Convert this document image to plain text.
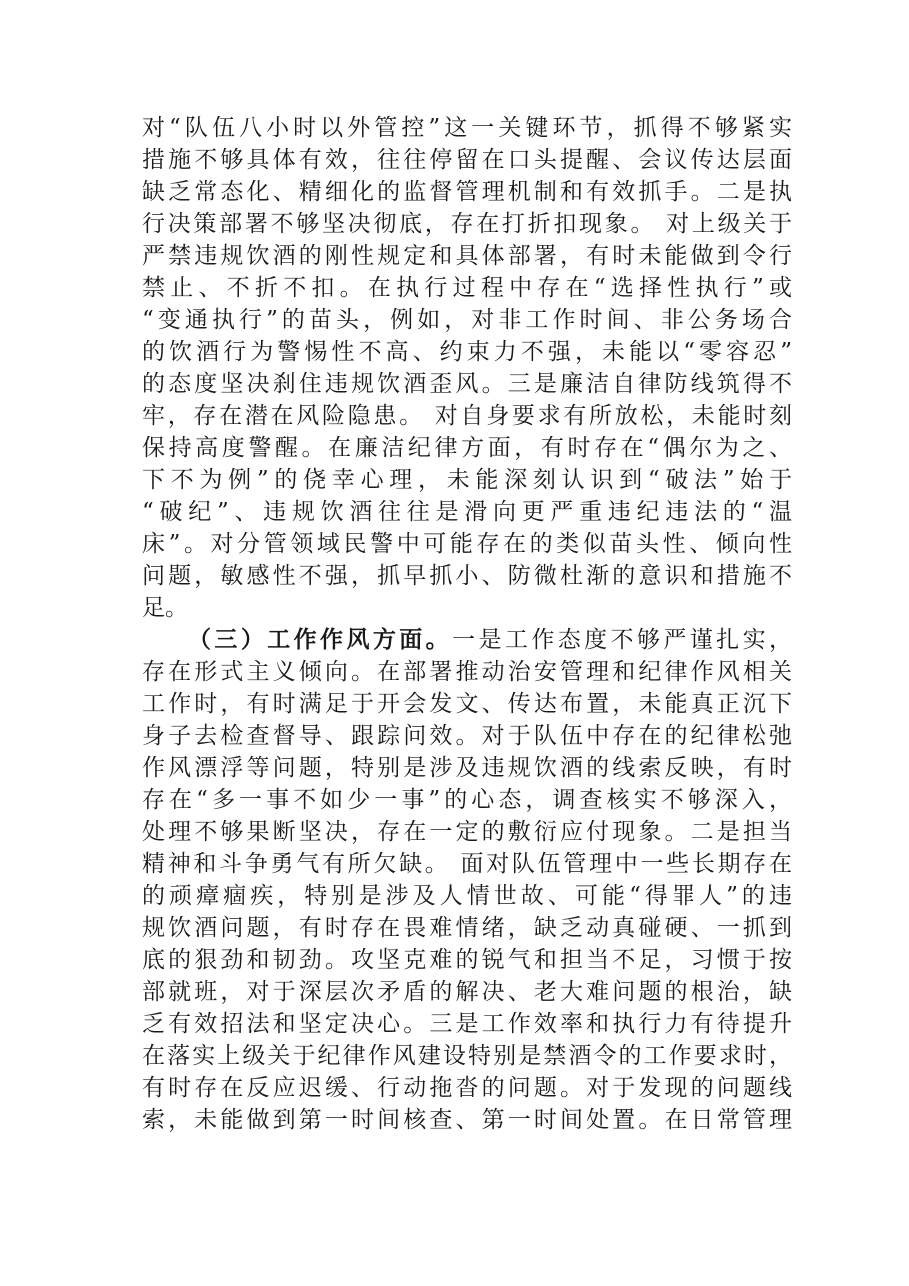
对“队伍八小时以外管控”这一关键环节，抓得不够紧实
措施不够具体有效，往往停留在口头提醒、会议传达层面
缺乏常态化、精细化的监督管理机制和有效抓手。二是执
行决策部署不够坚决彻底，存在打折扣现象。 对上级关于
严禁违规饮酒的刚性规定和具体部署，有时未能做到令行
禁止、不折不扣。在执行过程中存在“选择性执行”或
“变通执行”的苗头，例如，对非工作时间、非公务场合
的饮酒行为警惕性不高、约束力不强，未能以“零容忍”
的态度坚决刹住违规饮酒歪风。三是廉洁自律防线筑得不
牢，存在潜在风险隐患。 对自身要求有所放松，未能时刻
保持高度警醒。在廉洁纪律方面，有时存在“偶尔为之、
下不为例”的侥幸心理，未能深刻认识到“破法”始于
“破纪”、违规饮酒往往是滑向更严重违纪违法的“温
床”。对分管领域民警中可能存在的类似苗头性、倾向性
问题，敏感性不强，抓早抓小、防微杜渐的意识和措施不
足。
（三）工作作风方面。一是工作态度不够严谨扎实，
存在形式主义倾向。在部署推动治安管理和纪律作风相关
工作时，有时满足于开会发文、传达布置，未能真正沉下
身子去检查督导、跟踪问效。对于队伍中存在的纪律松弛
作风漂浮等问题，特别是涉及违规饮酒的线索反映，有时
存在“多一事不如少一事”的心态，调查核实不够深入，
处理不够果断坚决，存在一定的敷衍应付现象。二是担当
精神和斗争勇气有所欠缺。 面对队伍管理中一些长期存在
的顽瘴痼疾，特别是涉及人情世故、可能“得罪人”的违
规饮酒问题，有时存在畏难情绪，缺乏动真碰硬、一抓到
底的狠劲和韧劲。攻坚克难的锐气和担当不足，习惯于按
部就班，对于深层次矛盾的解决、老大难问题的根治，缺
乏有效招法和坚定决心。三是工作效率和执行力有待提升
在落实上级关于纪律作风建设特别是禁酒令的工作要求时，
有时存在反应迟缓、行动拖沓的问题。对于发现的问题线
索，未能做到第一时间核查、第一时间处置。在日常管理
